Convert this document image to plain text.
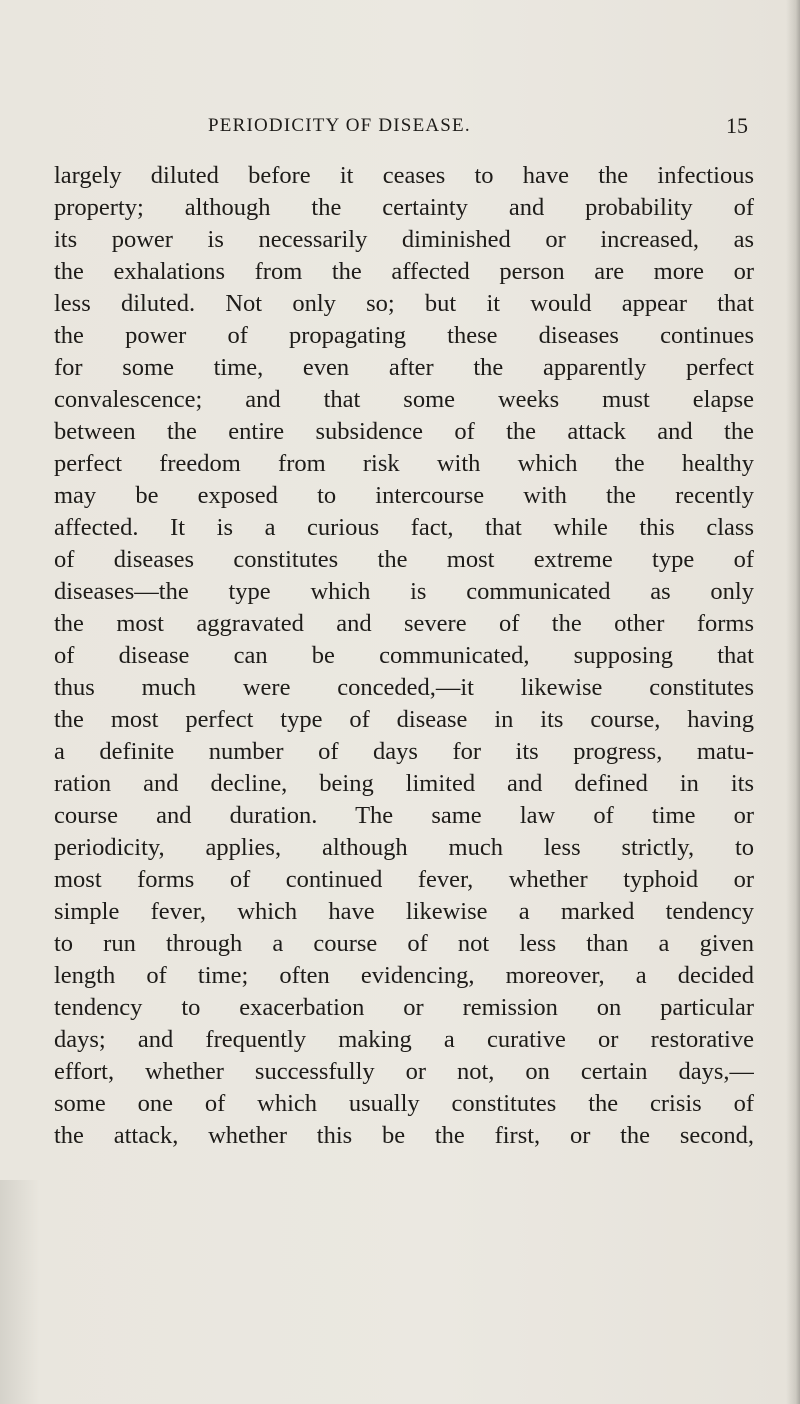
PERIODICITY OF DISEASE.	15
largely diluted before it ceases to have the infectious
property; although the certainty and probability of
its power is necessarily diminished or increased, as
the exhalations from the affected person are more or
less diluted. Not only so; but it would appear that
the power of propagating these diseases continues
for some time, even after the apparently perfect
convalescence; and that some weeks must elapse
between the entire subsidence of the attack and the
perfect freedom from risk with which the healthy
may be exposed to intercourse with the recently
affected. It is a curious fact, that while this class
of diseases constitutes the most extreme type of
diseases—the type which is communicated as only
the most aggravated and severe of the other forms
of disease can be communicated, supposing that
thus much were conceded,—it likewise constitutes
the most perfect type of disease in its course, having
a definite number of days for its progress, matu-
ration and decline, being limited and defined in its
course and duration. The same law of time or
periodicity, applies, although much less strictly, to
most forms of continued fever, whether typhoid or
simple fever, which have likewise a marked tendency
to run through a course of not less than a given
length of time; often evidencing, moreover, a decided
tendency to exacerbation or remission on particular
days; and frequently making a curative or restorative
effort, whether successfully or not, on certain days,—
some one of which usually constitutes the crisis of
the attack, whether this be the first, or the second,
